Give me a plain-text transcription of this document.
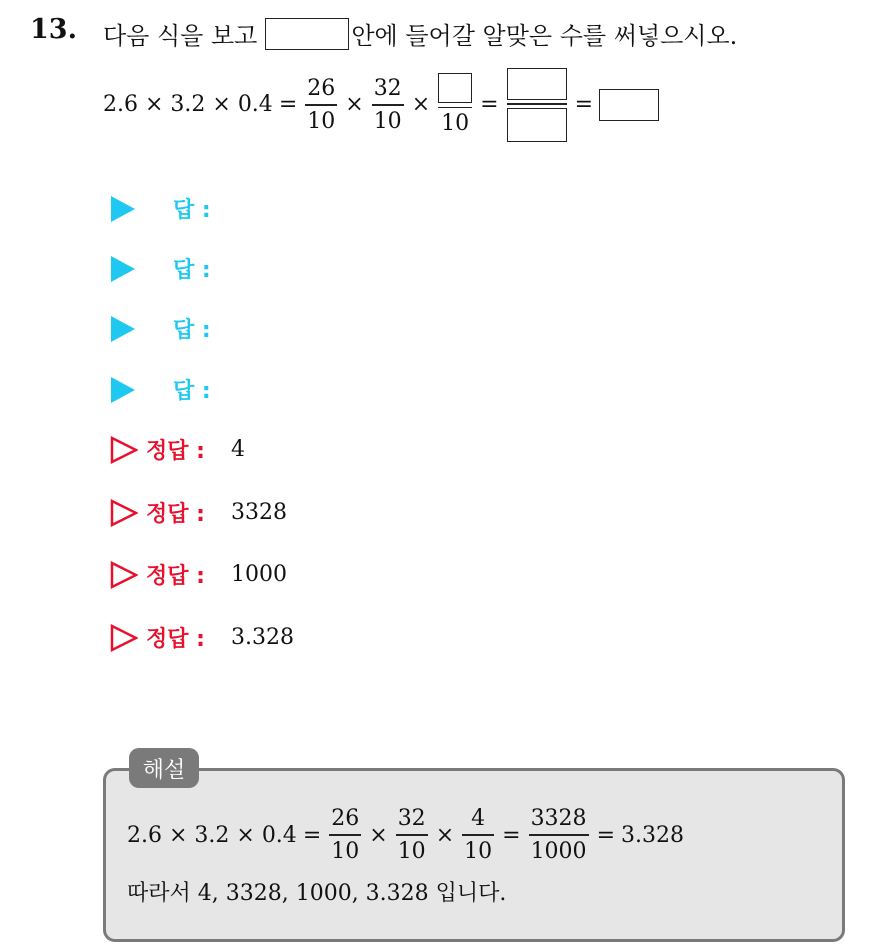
13. 다음 식을 보고	안에 들어갈 알맞은 수를 써넣으시오.
$2.6 \times 3.2 \times 0.4 = \frac{26}{10} \times \frac{32}{10}$ ×
10
=	=
답 :
답 :
답 :
답 :
정답 : 4
정답 : 3328
정답 : 1000
정답 : 3.328
해설
$2.6 \times 3.2 \times 0.4 = \frac{26}{10} \times \frac{32}{10} \times \frac{4}{10} = \frac{3328}{1000} = 3.328$
따라서 4, 3328, 1000, 3.328 입니다.
